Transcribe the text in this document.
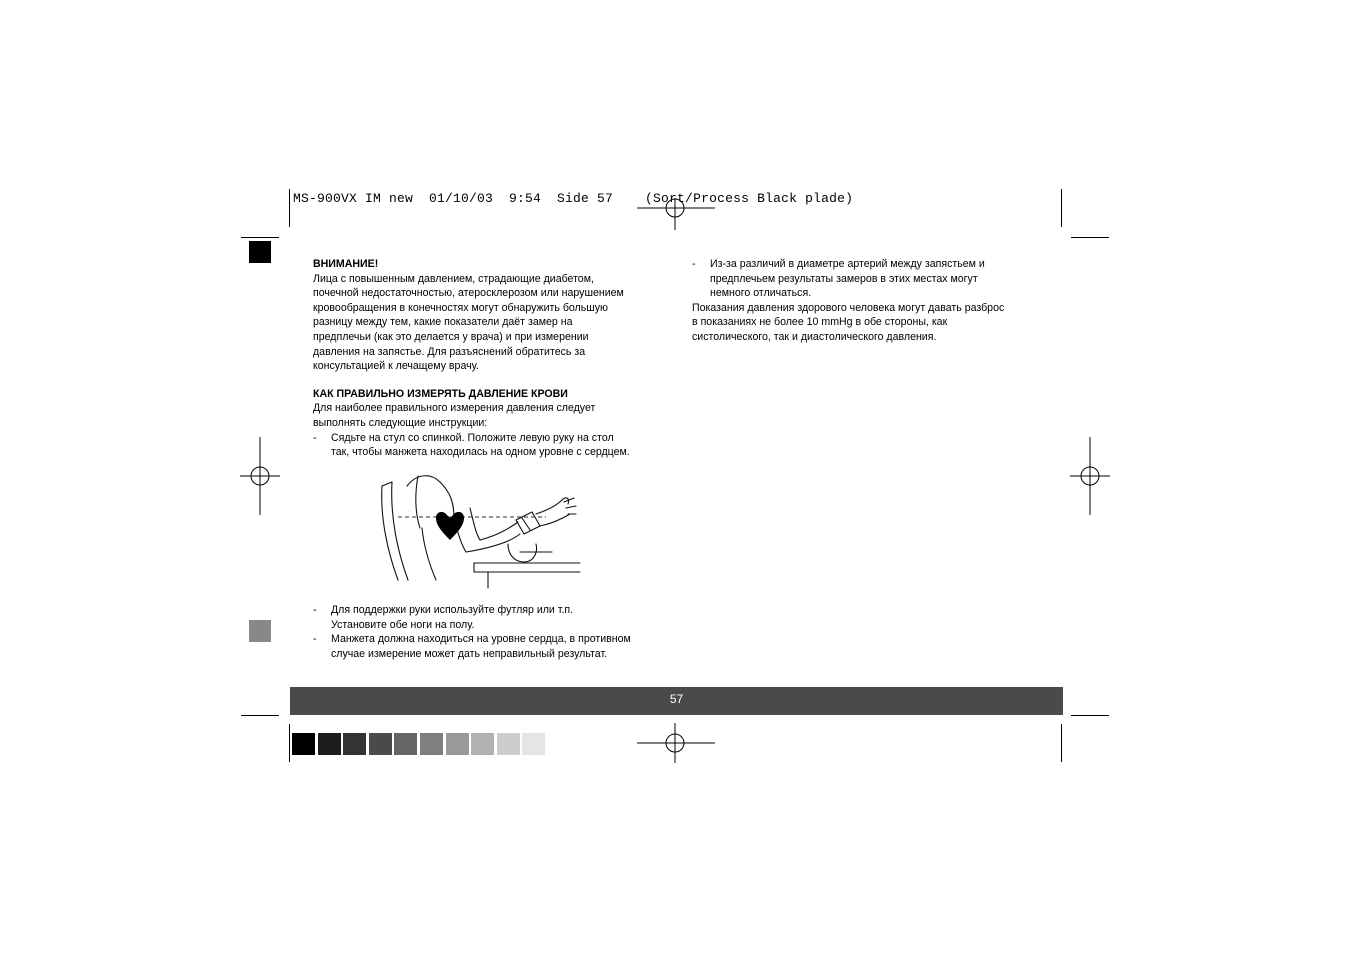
MS-900VX IM new  01/10/03  9:54  Side 57    (Sort/Process Black plade)

ВНИМАНИЕ!

Лица с повышенным давлением, страдающие диабетом,

почечной недостаточностью, атеросклерозом или нарушением

кровообращения в конечностях могут обнаружить большую

разницу между тем, какие показатели даёт замер на

предплечьи (как это делается у врача) и при измерении

давления на запястье. Для разъяснений обратитесь за

консультацией к лечащему врачу.

КАК ПРАВИЛЬНО ИЗМЕРЯТЬ ДАВЛЕНИЕ КРОВИ

Для наиболее правильного измерения давления следует

выполнять следующие инструкции:

- Сядьте на стул со спинкой. Положите левую руку на стол

так, чтобы манжета находилась на одном уровне с сердцем.

- Для поддержки руки используйте футляр или т.п.

Установите обе ноги на полу.

- Манжета должна находиться на уровне сердца, в противном

случае измерение может дать неправильный результат.

- Из-за различий в диаметре артерий между запястьем и

предплечьем результаты замеров в этих местах могут

немного отличаться.

Показания давления здорового человека могут давать разброс

в показаниях не более 10 mmHg в обе стороны, как

систолического, так и диастолического давления.

57
